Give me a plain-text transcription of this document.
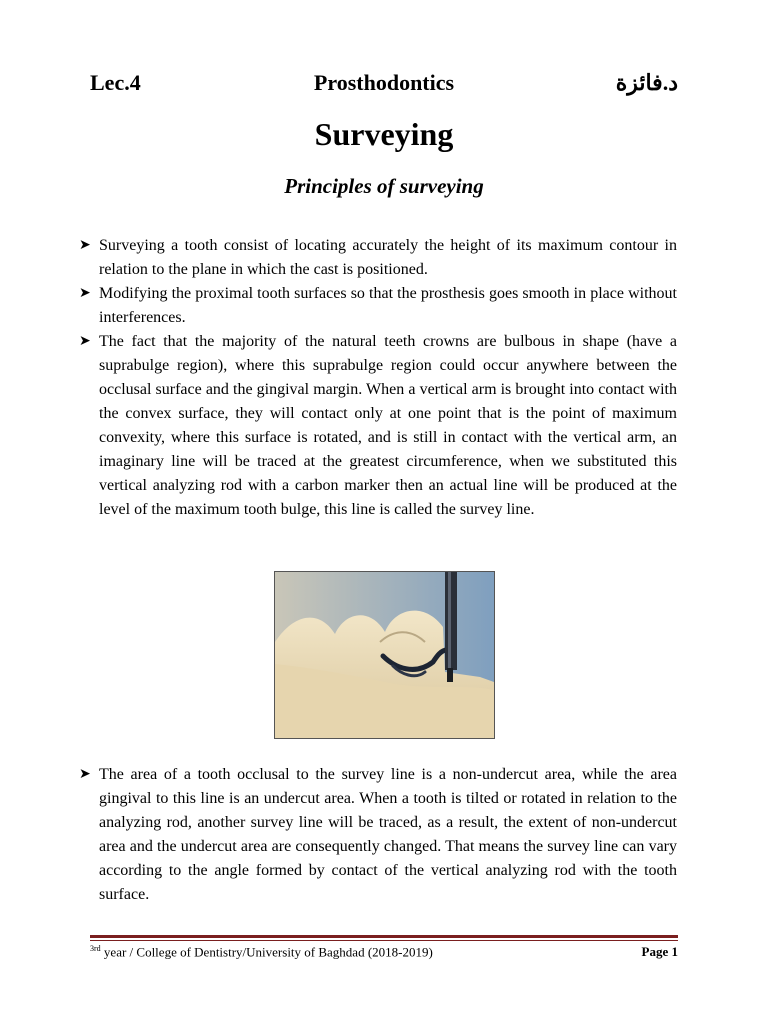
Lec.4	Prosthodontics	د.فائزة
Surveying
Principles of surveying
➤ Surveying a tooth consist of locating accurately the height of its maximum contour in relation to the plane in which the cast is positioned.
➤ Modifying the proximal tooth surfaces so that the prosthesis goes smooth in place without interferences.
➤ The fact that the majority of the natural teeth crowns are bulbous in shape (have a suprabulge region), where this suprabulge region could occur anywhere between the occlusal surface and the gingival margin. When a vertical arm is brought into contact with the convex surface, they will contact only at one point that is the point of maximum convexity, where this surface is rotated, and is still in contact with the vertical arm, an imaginary line will be traced at the greatest circumference, when we substituted this vertical analyzing rod with a carbon marker then an actual line will be produced at the level of the maximum tooth bulge, this line is called the survey line.
➤ The area of a tooth occlusal to the survey line is a non-undercut area, while the area gingival to this line is an undercut area. When a tooth is tilted or rotated in relation to the analyzing rod, another survey line will be traced, as a result, the extent of non-undercut area and the undercut area are consequently changed. That means the survey line can vary according to the angle formed by contact of the vertical analyzing rod with the tooth surface.
$^{3rd}$ year / College of Dentistry/University of Baghdad (2018-2019)	Page 1
